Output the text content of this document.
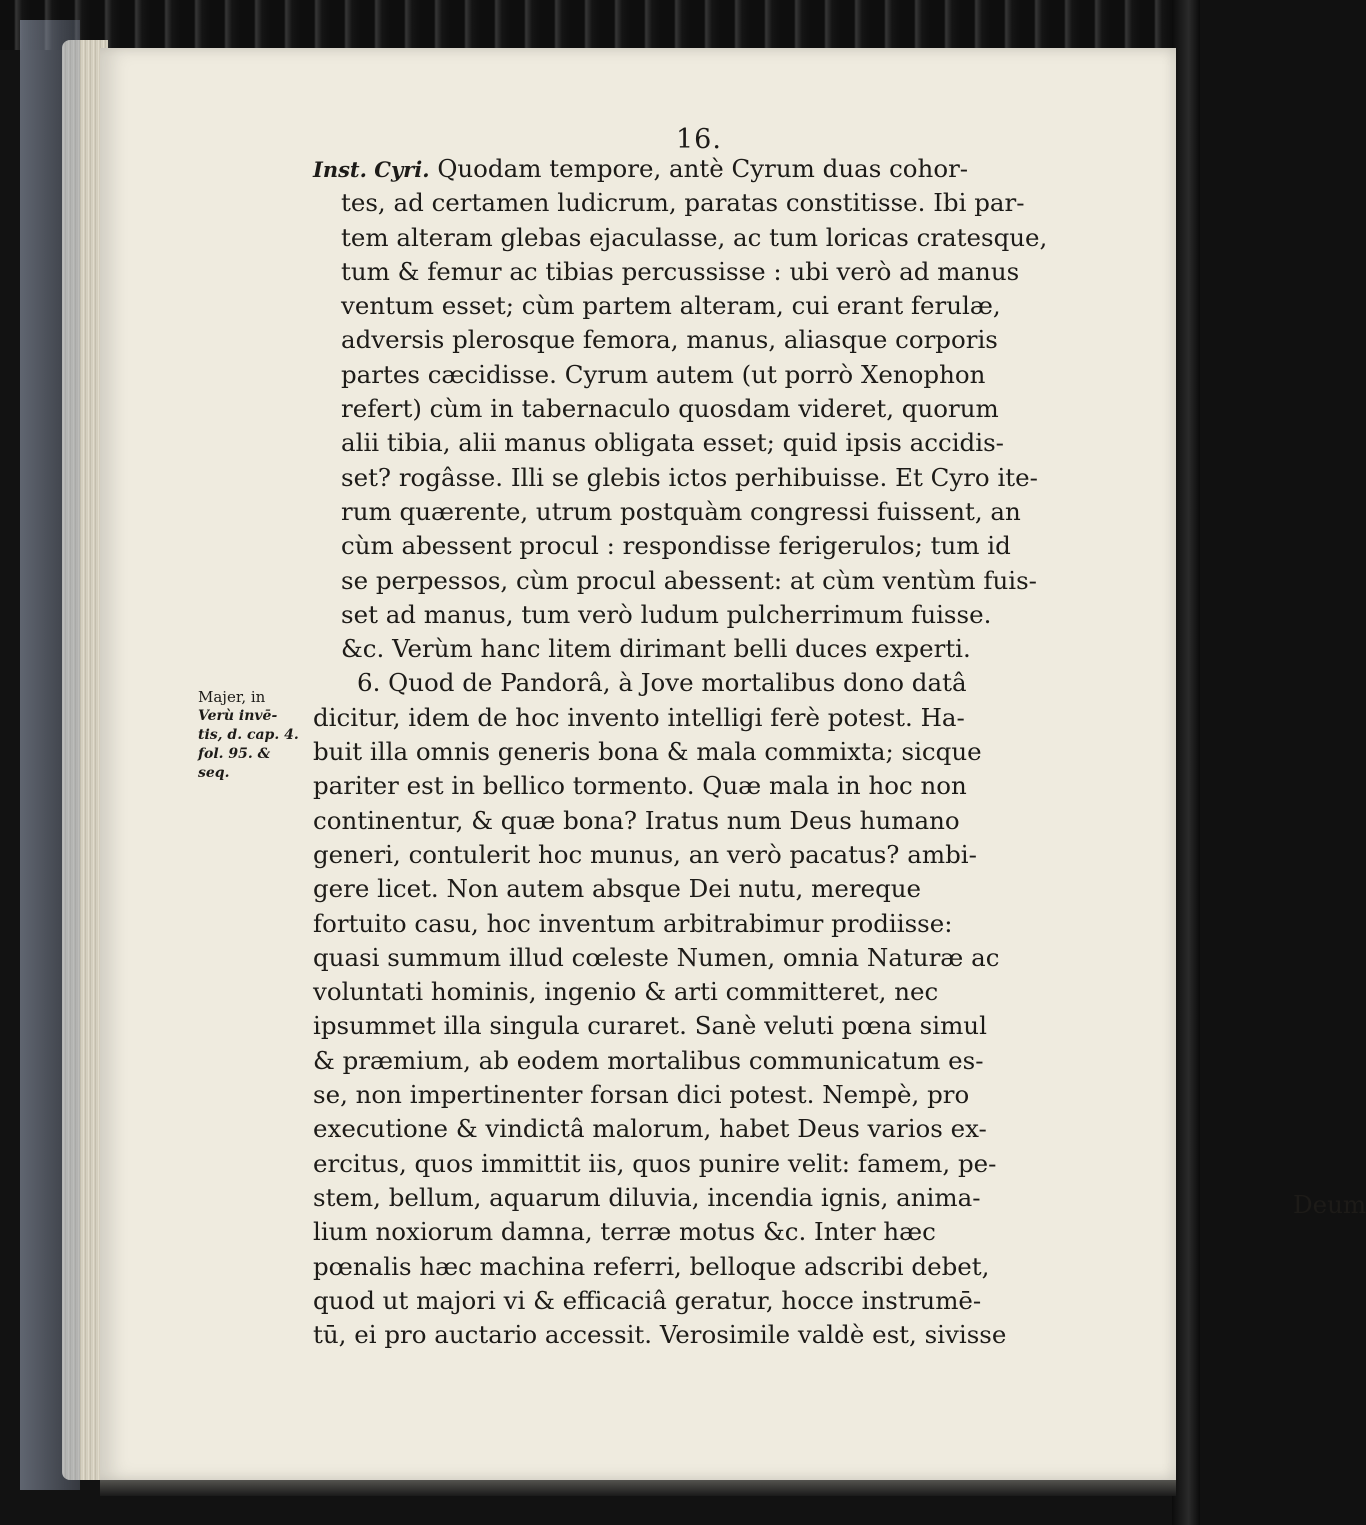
16.
Inst. Cyri. Quodam tempore, antè Cyrum duas cohor-
tes, ad certamen ludicrum, paratas constitisse. Ibi par-
tem alteram glebas ejaculasse, ac tum loricas cratesque,
tum & femur ac tibias percussisse : ubi verò ad manus
ventum esset; cùm partem alteram, cui erant ferulæ,
adversis plerosque femora, manus, aliasque corporis
partes cæcidisse. Cyrum autem (ut porrò Xenophon
refert) cùm in tabernaculo quosdam videret, quorum
alii tibia, alii manus obligata esset; quid ipsis accidis-
set? rogâsse. Illi se glebis ictos perhibuisse. Et Cyro ite-
rum quærente, utrum postquàm congressi fuissent, an
cùm abessent procul : respondisse ferigerulos; tum id
se perpessos, cùm procul abessent: at cùm ventùm fuis-
set ad manus, tum verò ludum pulcherrimum fuisse.
&c. Verùm hanc litem dirimant belli duces experti.
6. Quod de Pandorâ, à Jove mortalibus dono datâ
dicitur, idem de hoc invento intelligi ferè potest. Ha-
buit illa omnis generis bona & mala commixta; sicque
pariter est in bellico tormento. Quæ mala in hoc non
continentur, & quæ bona? Iratus num Deus humano
generi, contulerit hoc munus, an verò pacatus? ambi-
gere licet. Non autem absque Dei nutu, mereque
fortuito casu, hoc inventum arbitrabimur prodiisse:
quasi summum illud cœleste Numen, omnia Naturæ ac
voluntati hominis, ingenio & arti committeret, nec
ipsummet illa singula curaret. Sanè veluti pœna simul
& præmium, ab eodem mortalibus communicatum es-
se, non impertinenter forsan dici potest. Nempè, pro
executione & vindictâ malorum, habet Deus varios ex-
ercitus, quos immittit iis, quos punire velit: famem, pe-
stem, bellum, aquarum diluvia, incendia ignis, anima-
lium noxiorum damna, terræ motus &c. Inter hæc
pœnalis hæc machina referri, belloque adscribi debet,
quod ut majori vi & efficaciâ geratur, hocce instrumē-
tū, ei pro auctario accessit. Verosimile valdè est, sivisse
Deum
Majer, in
Verù invē-
tis, d. cap. 4.
fol. 95. &
seq.
